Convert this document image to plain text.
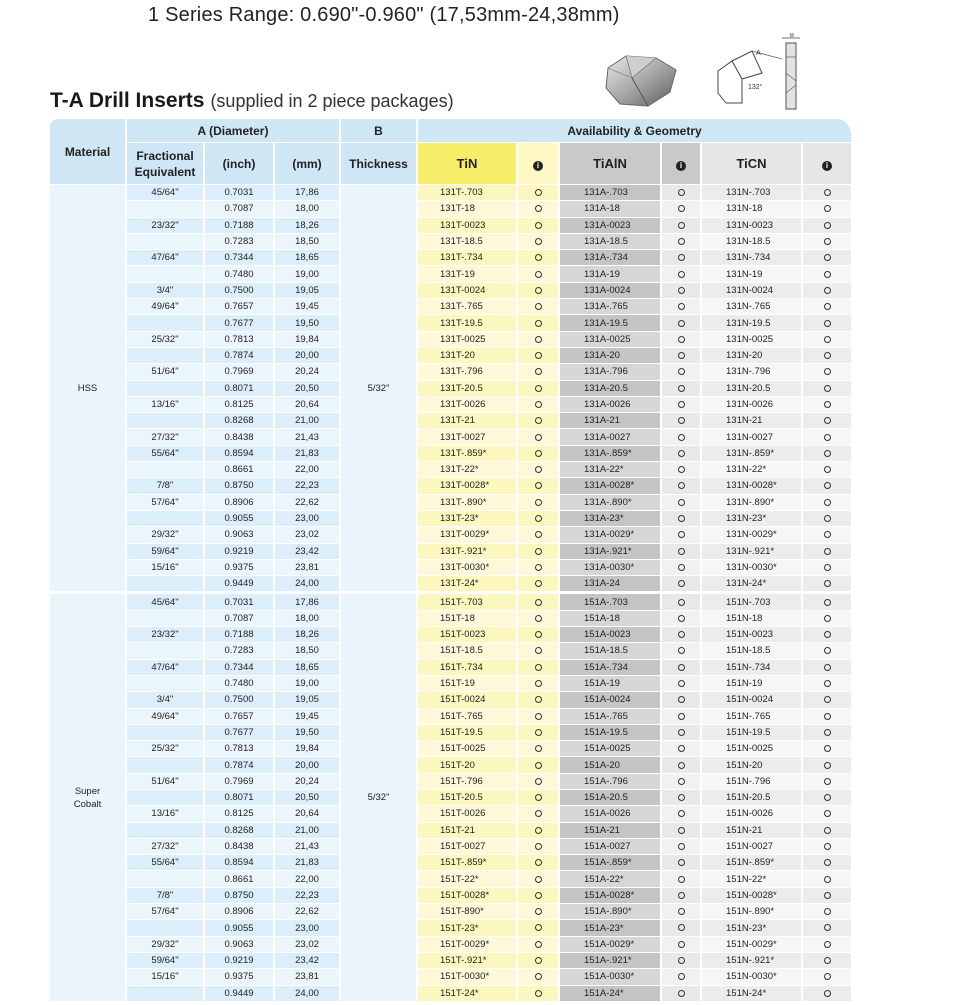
1 Series Range: 0.690"-0.960" (17,53mm-24,38mm)
T-A Drill Inserts (supplied in 2 piece packages)
A
132°
B
Material	A (Diameter)			B	Availability & Geometry					
	Fractional Equivalent	(inch)	(mm)	Thickness	TiN	i	TiAlN	i	TiCN	i
HSS	45/64"	0.7031	17,86	5/32"	131T-.703		131A-.703		131N-.703	
		0.7087	18,00		131T-18		131A-18		131N-18	
	23/32"	0.7188	18,26		131T-0023		131A-0023		131N-0023	
		0.7283	18,50		131T-18.5		131A-18.5		131N-18.5	
	47/64"	0.7344	18,65		131T-.734		131A-.734		131N-.734	
		0.7480	19,00		131T-19		131A-19		131N-19	
	3/4"	0.7500	19,05		131T-0024		131A-0024		131N-0024	
	49/64"	0.7657	19,45		131T-.765		131A-.765		131N-.765	
		0.7677	19,50		131T-19.5		131A-19.5		131N-19.5	
	25/32"	0.7813	19,84		131T-0025		131A-0025		131N-0025	
		0.7874	20,00		131T-20		131A-20		131N-20	
	51/64"	0.7969	20,24		131T-.796		131A-.796		131N-.796	
		0.8071	20,50		131T-20.5		131A-20.5		131N-20.5	
	13/16"	0.8125	20,64		131T-0026		131A-0026		131N-0026	
		0.8268	21,00		131T-21		131A-21		131N-21	
	27/32"	0.8438	21,43		131T-0027		131A-0027		131N-0027	
	55/64"	0.8594	21,83		131T-.859*		131A-.859*		131N-.859*	
		0.8661	22,00		131T-22*		131A-22*		131N-22*	
	7/8"	0.8750	22,23		131T-0028*		131A-0028*		131N-0028*	
	57/64"	0.8906	22,62		131T-.890*		131A-.890*		131N-.890*	
		0.9055	23,00		131T-23*		131A-23*		131N-23*	
	29/32"	0.9063	23,02		131T-0029*		131A-0029*		131N-0029*	
	59/64"	0.9219	23,42		131T-.921*		131A-.921*		131N-.921*	
	15/16"	0.9375	23,81		131T-0030*		131A-0030*		131N-0030*	
		0.9449	24,00		131T-24*		131A-24		131N-24*	
Super Cobalt	45/64"	0.7031	17,86	5/32"	151T-.703		151A-.703		151N-.703	
		0.7087	18,00		151T-18		151A-18		151N-18	
	23/32"	0.7188	18,26		151T-0023		151A-0023		151N-0023	
		0.7283	18,50		151T-18.5		151A-18.5		151N-18.5	
	47/64"	0.7344	18,65		151T-.734		151A-.734		151N-.734	
		0.7480	19,00		151T-19		151A-19		151N-19	
	3/4"	0.7500	19,05		151T-0024		151A-0024		151N-0024	
	49/64"	0.7657	19,45		151T-.765		151A-.765		151N-.765	
		0.7677	19,50		151T-19.5		151A-19.5		151N-19.5	
	25/32"	0.7813	19,84		151T-0025		151A-0025		151N-0025	
		0.7874	20,00		151T-20		151A-20		151N-20	
	51/64"	0.7969	20,24		151T-.796		151A-.796		151N-.796	
		0.8071	20,50		151T-20.5		151A-20.5		151N-20.5	
	13/16"	0.8125	20,64		151T-0026		151A-0026		151N-0026	
		0.8268	21,00		151T-21		151A-21		151N-21	
	27/32"	0.8438	21,43		151T-0027		151A-0027		151N-0027	
	55/64"	0.8594	21,83		151T-.859*		151A-.859*		151N-.859*	
		0.8661	22,00		151T-22*		151A-22*		151N-22*	
	7/8"	0.8750	22,23		151T-0028*		151A-0028*		151N-0028*	
	57/64"	0.8906	22,62		151T-890*		151A-.890*		151N-.890*	
		0.9055	23,00		151T-23*		151A-23*		151N-23*	
	29/32"	0.9063	23,02		151T-0029*		151A-0029*		151N-0029*	
	59/64"	0.9219	23,42		151T-.921*		151A-.921*		151N-.921*	
	15/16"	0.9375	23,81		151T-0030*		151A-0030*		151N-0030*	
		0.9449	24,00		151T-24*		151A-24*		151N-24*	
